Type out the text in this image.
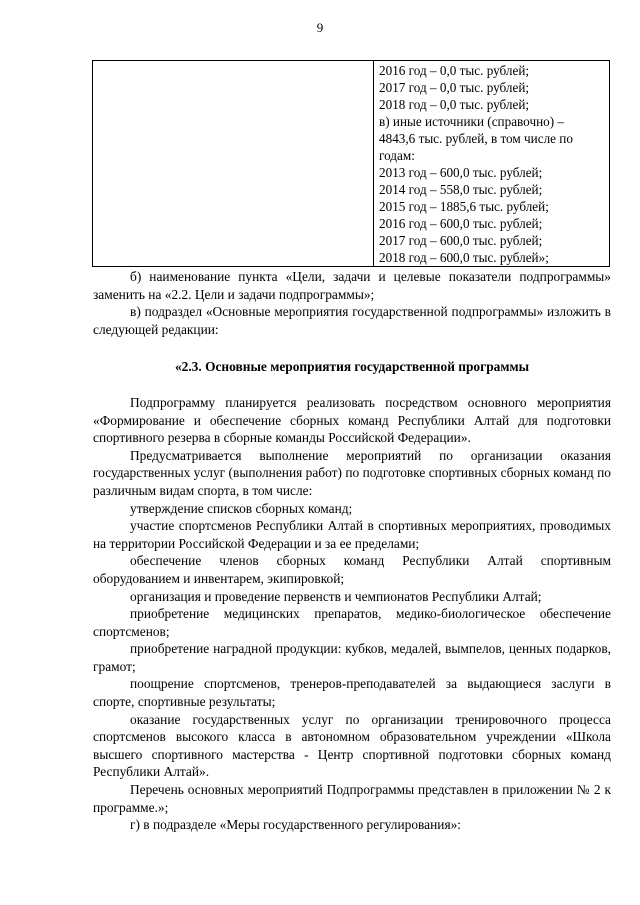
9
2016 год – 0,0 тыс. рублей;
2017 год – 0,0 тыс. рублей;
2018 год – 0,0 тыс. рублей;
в) иные источники (справочно) –
4843,6 тыс. рублей, в том числе по
годам:
2013 год – 600,0 тыс. рублей;
2014 год – 558,0 тыс. рублей;
2015 год – 1885,6 тыс. рублей;
2016 год – 600,0 тыс. рублей;
2017 год – 600,0 тыс. рублей;
2018 год – 600,0 тыс. рублей»;
б) наименование пункта «Цели, задачи и целевые показатели подпрограммы» заменить на «2.2. Цели и задачи подпрограммы»;
в) подраздел «Основные мероприятия государственной подпрограммы» изложить в следующей редакции:
«2.3. Основные мероприятия государственной программы
Подпрограмму планируется реализовать посредством основного мероприятия «Формирование и обеспечение сборных команд Республики Алтай для подготовки спортивного резерва в сборные команды Российской Федерации».
Предусматривается выполнение мероприятий по организации оказания государственных услуг (выполнения работ) по подготовке спортивных сборных команд по различным видам спорта, в том числе:
утверждение списков сборных команд;
участие спортсменов Республики Алтай в спортивных мероприятиях, проводимых на территории Российской Федерации и за ее пределами;
обеспечение членов сборных команд Республики Алтай спортивным оборудованием и инвентарем, экипировкой;
организация и проведение первенств и чемпионатов Республики Алтай;
приобретение медицинских препаратов, медико-биологическое обеспечение спортсменов;
приобретение наградной продукции: кубков, медалей, вымпелов, ценных подарков, грамот;
поощрение спортсменов, тренеров-преподавателей за выдающиеся заслуги в спорте, спортивные результаты;
оказание государственных услуг по организации тренировочного процесса спортсменов высокого класса в автономном образовательном учреждении «Школа высшего спортивного мастерства - Центр спортивной подготовки сборных команд Республики Алтай».
Перечень основных мероприятий Подпрограммы представлен в приложении № 2 к программе.»;
г) в подразделе «Меры государственного регулирования»:
